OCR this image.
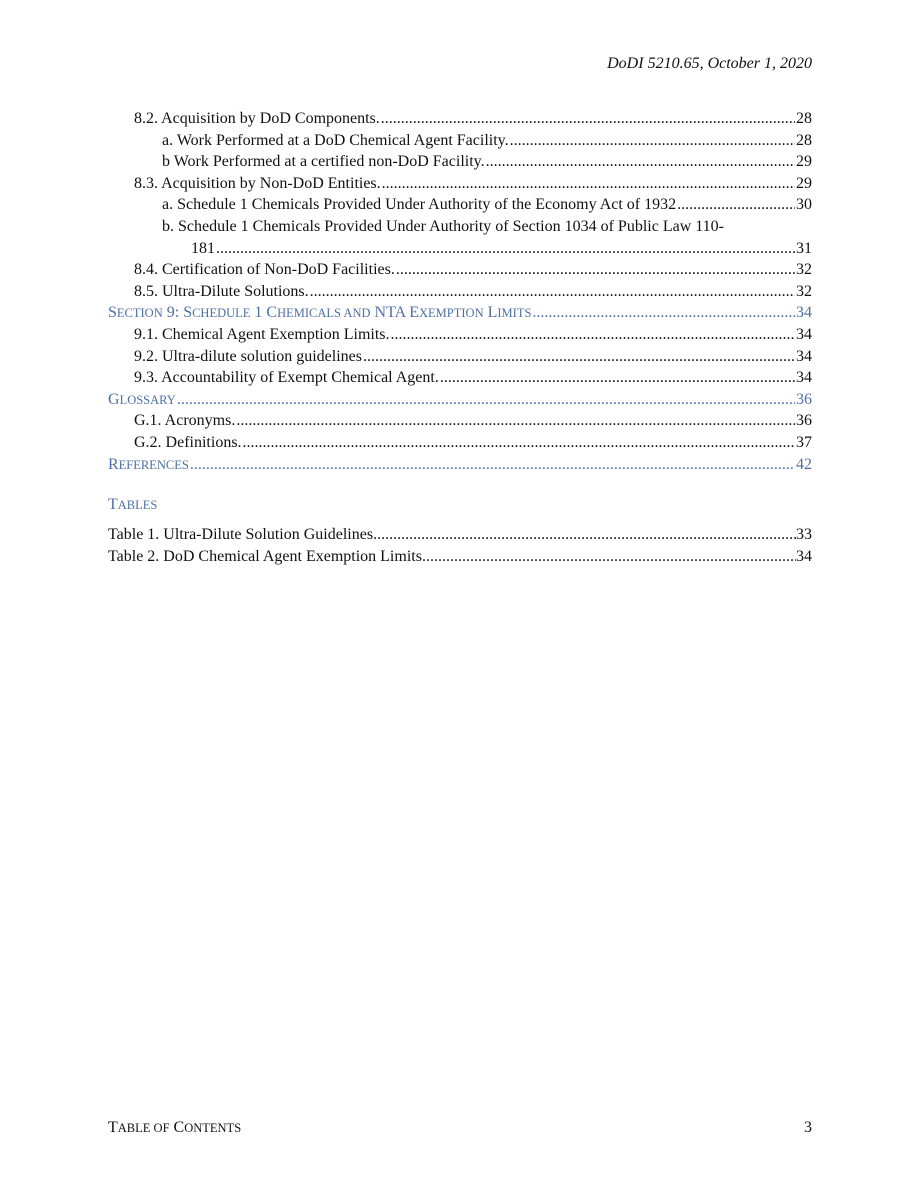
DoDI 5210.65, October 1, 2020
8.2. Acquisition by DoD Components. .....	28
a. Work Performed at a DoD Chemical Agent Facility. .....	28
b Work Performed at a certified non-DoD Facility. .....	29
8.3. Acquisition by Non-DoD Entities. .....	29
a. Schedule 1 Chemicals Provided Under Authority of the Economy Act of 1932 .....	30
b. Schedule 1 Chemicals Provided Under Authority of Section 1034 of Public Law 110-
181 .....	31
8.4. Certification of Non-DoD Facilities. .....	32
8.5. Ultra-Dilute Solutions. .....	32
SECTION 9: SCHEDULE 1 CHEMICALS AND NTA EXEMPTION LIMITS .....	34
9.1. Chemical Agent Exemption Limits. .....	34
9.2. Ultra-dilute solution guidelines .....	34
9.3. Accountability of Exempt Chemical Agent. .....	34
GLOSSARY .....	36
G.1. Acronyms. .....	36
G.2. Definitions. .....	37
REFERENCES .....	42
TABLES
Table 1. Ultra-Dilute Solution Guidelines .....	33
Table 2. DoD Chemical Agent Exemption Limits .....	34
TABLE OF CONTENTS	3
